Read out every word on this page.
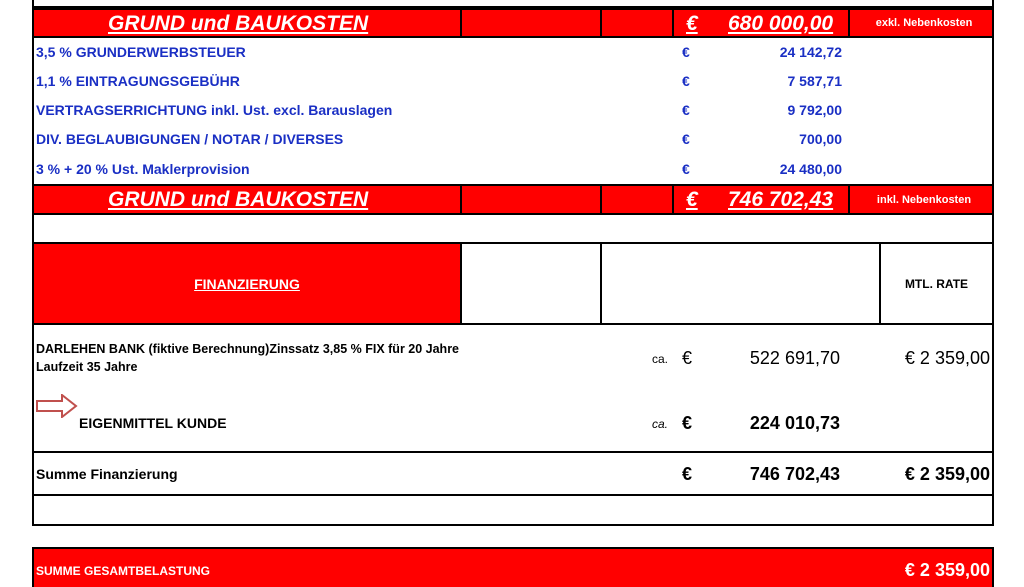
GRUND und BAUKOSTEN	€ 680 000,00	exkl. Nebenkosten
3,5 % GRUNDERWERBSTEUER	€	24 142,72
1,1 % EINTRAGUNGSGEBÜHR	€	7 587,71
VERTRAGSERRICHTUNG inkl. Ust. excl. Barauslagen	€	9 792,00
DIV. BEGLAUBIGUNGEN / NOTAR / DIVERSES	€	700,00
3 % + 20 % Ust. Maklerprovision	€	24 480,00
GRUND und BAUKOSTEN	€ 746 702,43	inkl. Nebenkosten
FINANZIERUNG	MTL. RATE
DARLEHEN BANK (fiktive Berechnung)Zinssatz 3,85 % FIX für 20 Jahre
Laufzeit 35 Jahre
ca. €	522 691,70	€ 2 359,00
EIGENMITTEL KUNDE	ca. €	224 010,73
Summe Finanzierung	€	746 702,43	€ 2 359,00
SUMME GESAMTBELASTUNG	€ 2 359,00
